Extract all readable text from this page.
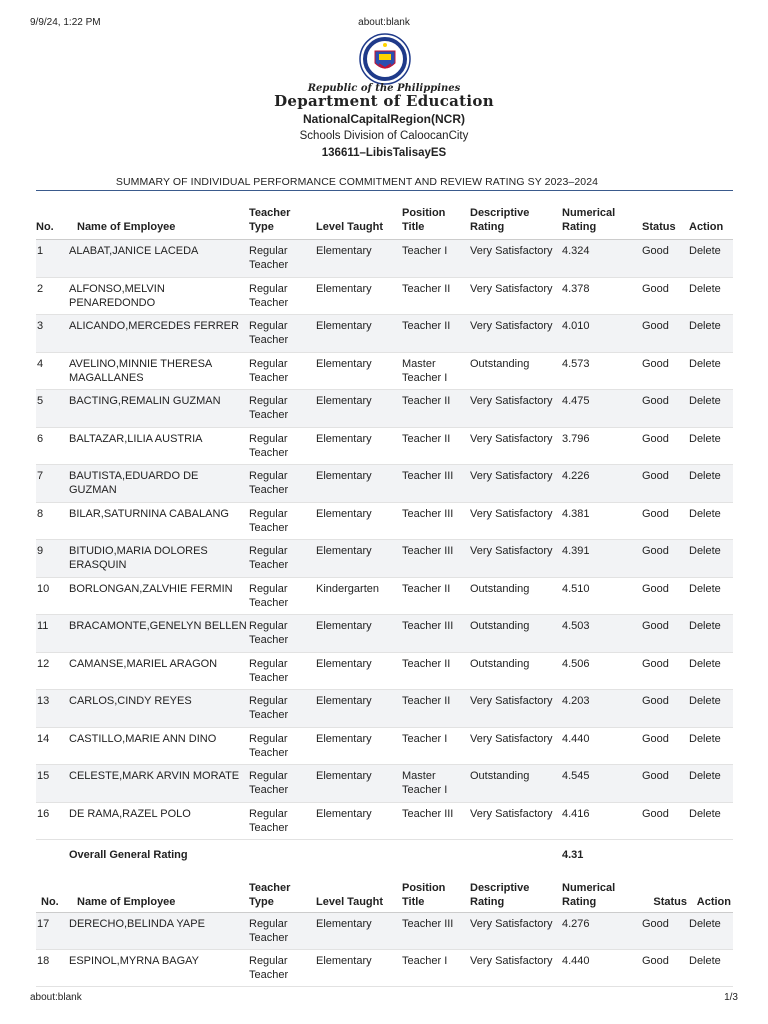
9/9/24, 1:22 PM	about:blank
Republic of the Philippines
Department of Education
NationalCapitalRegion(NCR)
Schools Division of CaloocanCity
136611–LibisTalisayES
SUMMARY OF INDIVIDUAL PERFORMANCE COMMITMENT AND REVIEW RATING SY 2023–2024
No.	Name of Employee	Teacher Type	Level Taught	Position Title	Descriptive Rating	Numerical Rating	Status	Action
1	ALABAT,JANICE LACEDA	Regular Teacher	Elementary	Teacher I	Very Satisfactory	4.324	Good	Delete
2	ALFONSO,MELVIN PENAREDONDO	Regular Teacher	Elementary	Teacher II	Very Satisfactory	4.378	Good	Delete
3	ALICANDO,MERCEDES FERRER	Regular Teacher	Elementary	Teacher II	Very Satisfactory	4.010	Good	Delete
4	AVELINO,MINNIE THERESA MAGALLANES	Regular Teacher	Elementary	Master Teacher I	Outstanding	4.573	Good	Delete
5	BACTING,REMALIN GUZMAN	Regular Teacher	Elementary	Teacher II	Very Satisfactory	4.475	Good	Delete
6	BALTAZAR,LILIA AUSTRIA	Regular Teacher	Elementary	Teacher II	Very Satisfactory	3.796	Good	Delete
7	BAUTISTA,EDUARDO DE GUZMAN	Regular Teacher	Elementary	Teacher III	Very Satisfactory	4.226	Good	Delete
8	BILAR,SATURNINA CABALANG	Regular Teacher	Elementary	Teacher III	Very Satisfactory	4.381	Good	Delete
9	BITUDIO,MARIA DOLORES ERASQUIN	Regular Teacher	Elementary	Teacher III	Very Satisfactory	4.391	Good	Delete
10	BORLONGAN,ZALVHIE FERMIN	Regular Teacher	Kindergarten	Teacher II	Outstanding	4.510	Good	Delete
11	BRACAMONTE,GENELYN BELLEN	Regular Teacher	Elementary	Teacher III	Outstanding	4.503	Good	Delete
12	CAMANSE,MARIEL ARAGON	Regular Teacher	Elementary	Teacher II	Outstanding	4.506	Good	Delete
13	CARLOS,CINDY REYES	Regular Teacher	Elementary	Teacher II	Very Satisfactory	4.203	Good	Delete
14	CASTILLO,MARIE ANN DINO	Regular Teacher	Elementary	Teacher I	Very Satisfactory	4.440	Good	Delete
15	CELESTE,MARK ARVIN MORATE	Regular Teacher	Elementary	Master Teacher I	Outstanding	4.545	Good	Delete
16	DE RAMA,RAZEL POLO	Regular Teacher	Elementary	Teacher III	Very Satisfactory	4.416	Good	Delete
	Overall General Rating					4.31		
No.	Name of Employee	Teacher Type	Level Taught	Position Title	Descriptive Rating	Numerical Rating	Status	Action
17	DERECHO,BELINDA YAPE	Regular Teacher	Elementary	Teacher III	Very Satisfactory	4.276	Good	Delete
18	ESPINOL,MYRNA BAGAY	Regular Teacher	Elementary	Teacher I	Very Satisfactory	4.440	Good	Delete
about:blank	1/3
